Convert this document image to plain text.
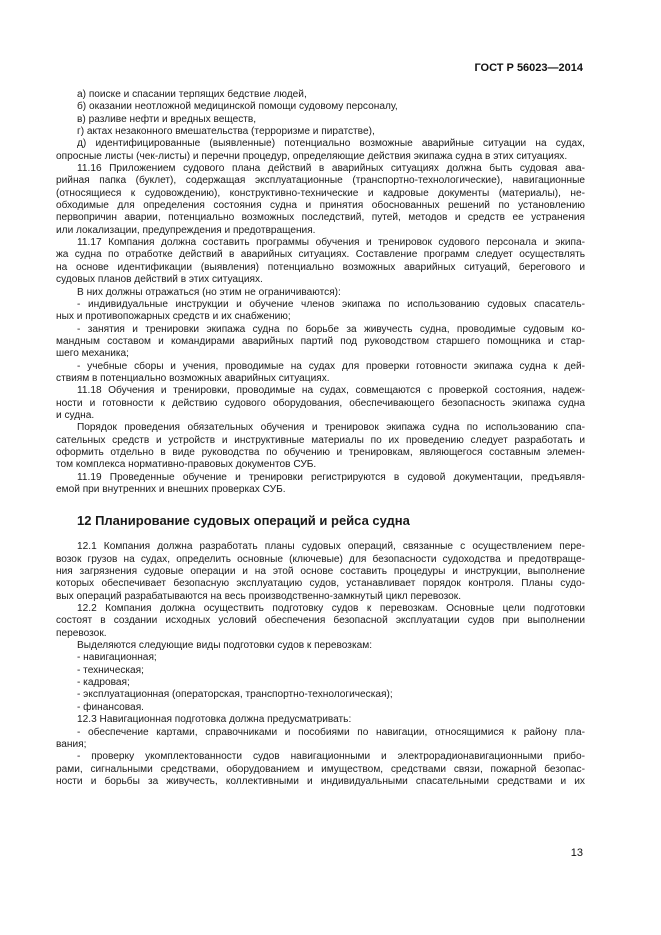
ГОСТ Р 56023—2014
а) поиске и спасании терпящих бедствие людей,
б) оказании неотложной медицинской помощи судовому персоналу,
в) разливе нефти и вредных веществ,
г) актах незаконного вмешательства (терроризме и пиратстве),
д) идентифицированные (выявленные) потенциально возможные аварийные ситуации на судах,
опросные листы (чек-листы) и перечни процедур, определяющие действия экипажа судна в этих ситуациях.
11.16 Приложением судового плана действий в аварийных ситуациях должна быть судовая ава-
рийная папка (буклет), содержащая эксплуатационные (транспортно-технологические), навигационные
(относящиеся к судовождению), конструктивно-технические и кадровые документы (материалы), не-
обходимые для определения состояния судна и принятия обоснованных решений по установлению
первопричин аварии, потенциально возможных последствий, путей, методов и средств ее устранения
или локализации, предупреждения и предотвращения.
11.17 Компания должна составить программы обучения и тренировок судового персонала и экипа-
жа судна по отработке действий в аварийных ситуациях. Составление программ следует осуществлять
на основе идентификации (выявления) потенциально возможных аварийных ситуаций, берегового и
судовых планов действий в этих ситуациях.
В них должны отражаться (но этим не ограничиваются):
- индивидуальные инструкции и обучение членов экипажа по использованию судовых спасатель-
ных и противопожарных средств и их снабжению;
- занятия и тренировки экипажа судна по борьбе за живучесть судна, проводимые судовым ко-
мандным составом и командирами аварийных партий под руководством старшего помощника и стар-
шего механика;
- учебные сборы и учения, проводимые на судах для проверки готовности экипажа судна к дей-
ствиям в потенциально возможных аварийных ситуациях.
11.18 Обучения и тренировки, проводимые на судах, совмещаются с проверкой состояния, надеж-
ности и готовности к действию судового оборудования, обеспечивающего безопасность экипажа судна
и судна.
Порядок проведения обязательных обучения и тренировок экипажа судна по использованию спа-
сательных средств и устройств и инструктивные материалы по их проведению следует разработать и
оформить отдельно в виде руководства по обучению и тренировкам, являющегося составным элемен-
том комплекса нормативно-правовых документов СУБ.
11.19 Проведенные обучение и тренировки регистрируются в судовой документации, предъявля-
емой при внутренних и внешних проверках СУБ.
12 Планирование судовых операций и рейса судна
12.1 Компания должна разработать планы судовых операций, связанные с осуществлением пере-
возок грузов на судах, определить основные (ключевые) для безопасности судоходства и предотвраще-
ния загрязнения судовые операции и на этой основе составить процедуры и инструкции, выполнение
которых обеспечивает безопасную эксплуатацию судов, устанавливает порядок контроля. Планы судо-
вых операций разрабатываются на весь производственно-замкнутый цикл перевозок.
12.2 Компания должна осуществить подготовку судов к перевозкам. Основные цели подготовки
состоят в создании исходных условий обеспечения безопасной эксплуатации судов при выполнении
перевозок.
Выделяются следующие виды подготовки судов к перевозкам:
- навигационная;
- техническая;
- кадровая;
- эксплуатационная (операторская, транспортно-технологическая);
- финансовая.
12.3 Навигационная подготовка должна предусматривать:
- обеспечение картами, справочниками и пособиями по навигации, относящимися к району пла-
вания;
- проверку укомплектованности судов навигационными и электрорадионавигационными прибо-
рами, сигнальными средствами, оборудованием и имуществом, средствами связи, пожарной безопас-
ности и борьбы за живучесть, коллективными и индивидуальными спасательными средствами и их
13
